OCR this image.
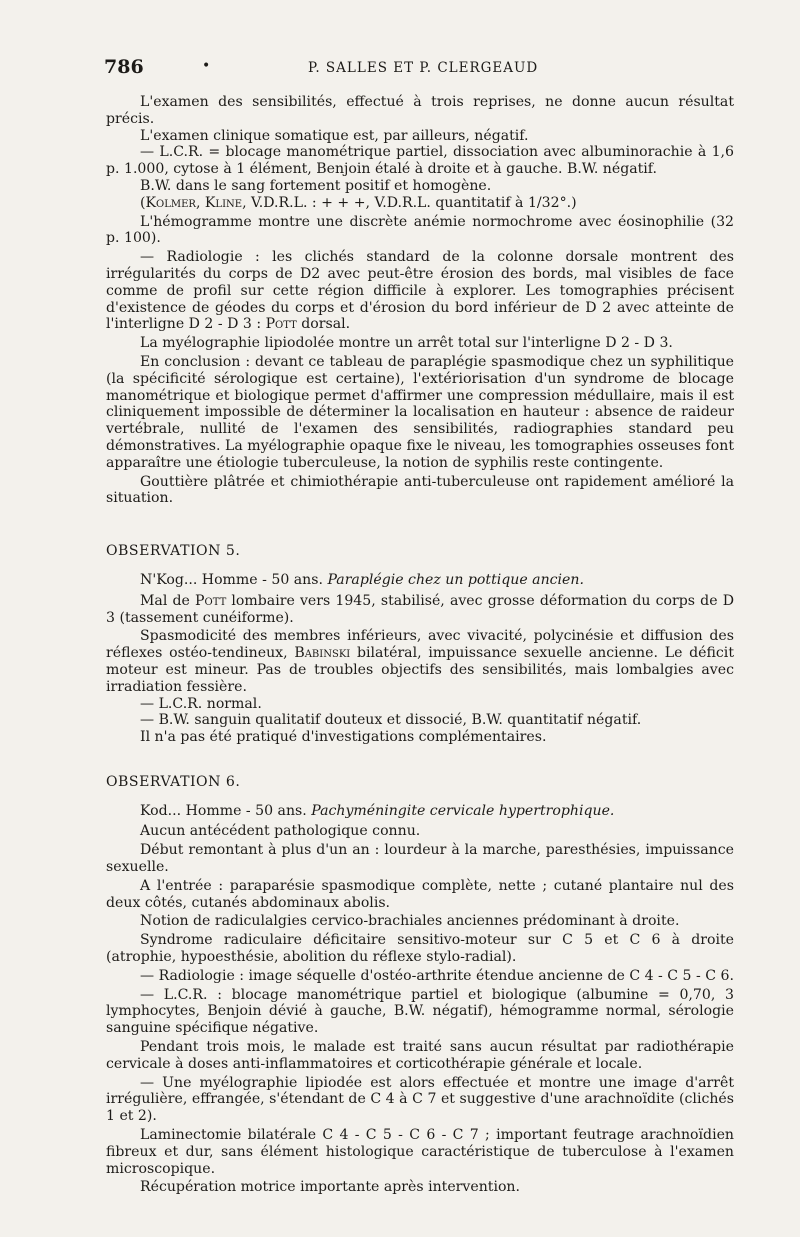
786	•	P. SALLES ET P. CLERGEAUD

L'examen des sensibilités, effectué à trois reprises, ne donne aucun résultat précis.

L'examen clinique somatique est, par ailleurs, négatif.

— L.C.R. = blocage manométrique partiel, dissociation avec albuminorachie à 1,6 p. 1.000, cytose à 1 élément, Benjoin étalé à droite et à gauche. B.W. négatif.

B.W. dans le sang fortement positif et homogène.

(Kolmer, Kline, V.D.R.L. : + + +, V.D.R.L. quantitatif à 1/32°.)

L'hémogramme montre une discrète anémie normochrome avec éosinophilie (32 p. 100).

— Radiologie : les clichés standard de la colonne dorsale montrent des irrégularités du corps de D2 avec peut-être érosion des bords, mal visibles de face comme de profil sur cette région difficile à explorer. Les tomographies précisent d'existence de géodes du corps et d'érosion du bord inférieur de D 2 avec atteinte de l'interligne D 2 - D 3 : Pott dorsal.

La myélographie lipiodolée montre un arrêt total sur l'interligne D 2 - D 3.

En conclusion : devant ce tableau de paraplégie spasmodique chez un syphilitique (la spécificité sérologique est certaine), l'extériorisation d'un syndrome de blocage manométrique et biologique permet d'affirmer une compression médullaire, mais il est cliniquement impossible de déterminer la localisation en hauteur : absence de raideur vertébrale, nullité de l'examen des sensibilités, radiographies standard peu démonstratives. La myélographie opaque fixe le niveau, les tomographies osseuses font apparaître une étiologie tuberculeuse, la notion de syphilis reste contingente.

Gouttière plâtrée et chimiothérapie anti-tuberculeuse ont rapidement amélioré la situation.

OBSERVATION 5.

N'Kog... Homme - 50 ans. Paraplégie chez un pottique ancien.

Mal de Pott lombaire vers 1945, stabilisé, avec grosse déformation du corps de D 3 (tassement cunéiforme).

Spasmodicité des membres inférieurs, avec vivacité, polycinésie et diffusion des réflexes ostéo-tendineux, Babinski bilatéral, impuissance sexuelle ancienne. Le déficit moteur est mineur. Pas de troubles objectifs des sensibilités, mais lombalgies avec irradiation fessière.

— L.C.R. normal.

— B.W. sanguin qualitatif douteux et dissocié, B.W. quantitatif négatif.

Il n'a pas été pratiqué d'investigations complémentaires.

OBSERVATION 6.

Kod... Homme - 50 ans. Pachyméningite cervicale hypertrophique.

Aucun antécédent pathologique connu.

Début remontant à plus d'un an : lourdeur à la marche, paresthésies, impuissance sexuelle.

A l'entrée : paraparésie spasmodique complète, nette ; cutané plantaire nul des deux côtés, cutanés abdominaux abolis.

Notion de radiculalgies cervico-brachiales anciennes prédominant à droite.

Syndrome radiculaire déficitaire sensitivo-moteur sur C 5 et C 6 à droite (atrophie, hypoesthésie, abolition du réflexe stylo-radial).

— Radiologie : image séquelle d'ostéo-arthrite étendue ancienne de C 4 - C 5 - C 6.

— L.C.R. : blocage manométrique partiel et biologique (albumine = 0,70, 3 lymphocytes, Benjoin dévié à gauche, B.W. négatif), hémogramme normal, sérologie sanguine spécifique négative.

Pendant trois mois, le malade est traité sans aucun résultat par radiothérapie cervicale à doses anti-inflammatoires et corticothérapie générale et locale.

— Une myélographie lipiodée est alors effectuée et montre une image d'arrêt irrégulière, effrangée, s'étendant de C 4 à C 7 et suggestive d'une arachnoïdite (clichés 1 et 2).

Laminectomie bilatérale C 4 - C 5 - C 6 - C 7 ; important feutrage arachnoïdien fibreux et dur, sans élément histologique caractéristique de tuberculose à l'examen microscopique.

Récupération motrice importante après intervention.
